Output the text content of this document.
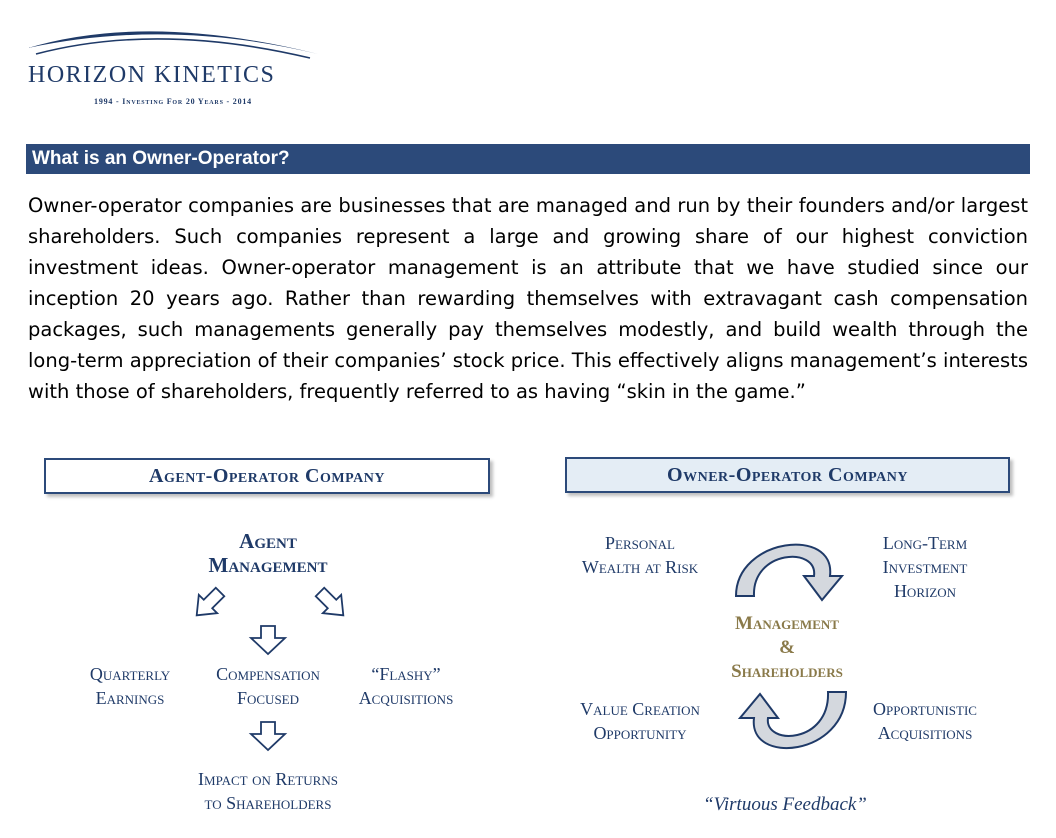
HORIZON KINETICS
1994 - Investing For 20 Years - 2014
What is an Owner-Operator?
Owner-operator companies are businesses that are managed and run by their founders and/or largest shareholders. Such companies represent a large and growing share of our highest conviction investment ideas. Owner-operator management is an attribute that we have studied since our inception 20 years ago. Rather than rewarding themselves with extravagant cash compensation packages, such managements generally pay themselves modestly, and build wealth through the long-term appreciation of their companies’ stock price. This effectively aligns management’s interests with those of shareholders, frequently referred to as having “skin in the game.”
Agent-Operator Company
Agent
Management
Quarterly
Earnings
Compensation
Focused
“Flashy”
Acquisitions
Impact on Returns
to Shareholders
Owner-Operator Company
Personal
Wealth at Risk
Long-Term
Investment
Horizon
Management
&
Shareholders
Value Creation
Opportunity
Opportunistic
Acquisitions
“Virtuous Feedback”
